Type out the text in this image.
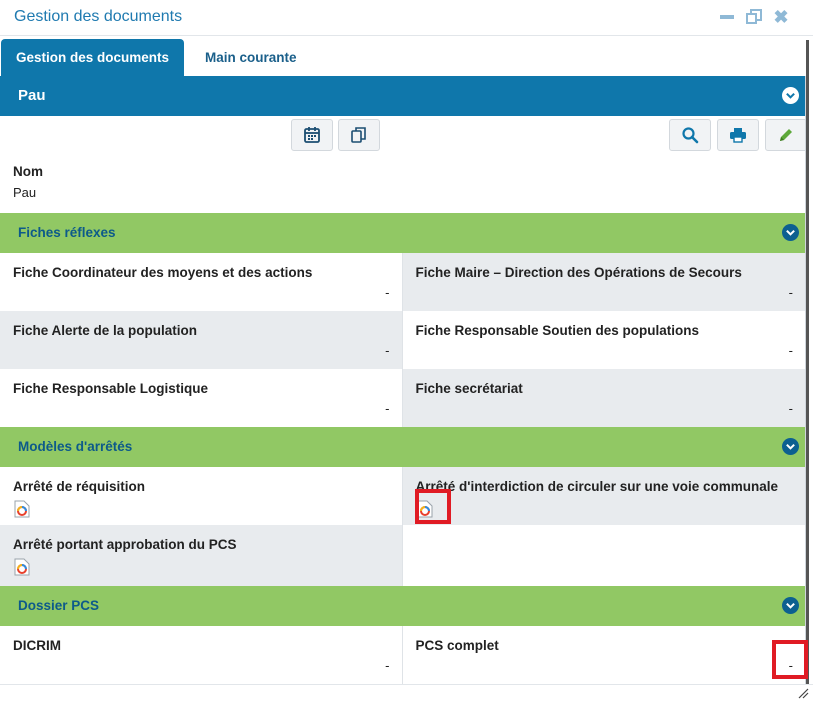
Gestion des documents	✖
Gestion des documents	Main courante
Pau
Nom
Pau
Fiches réflexes
Fiche Coordinateur des moyens et des actions
-
Fiche Maire – Direction des Opérations de Secours
-
Fiche Alerte de la population
-
Fiche Responsable Soutien des populations
-
Fiche Responsable Logistique
-
Fiche secrétariat
-
Modèles d'arrêtés
Arrêté de réquisition	Arrêté d'interdiction de circuler sur une voie communale
Arrêté portant approbation du PCS
Dossier PCS
DICRIM
-
PCS complet
-
